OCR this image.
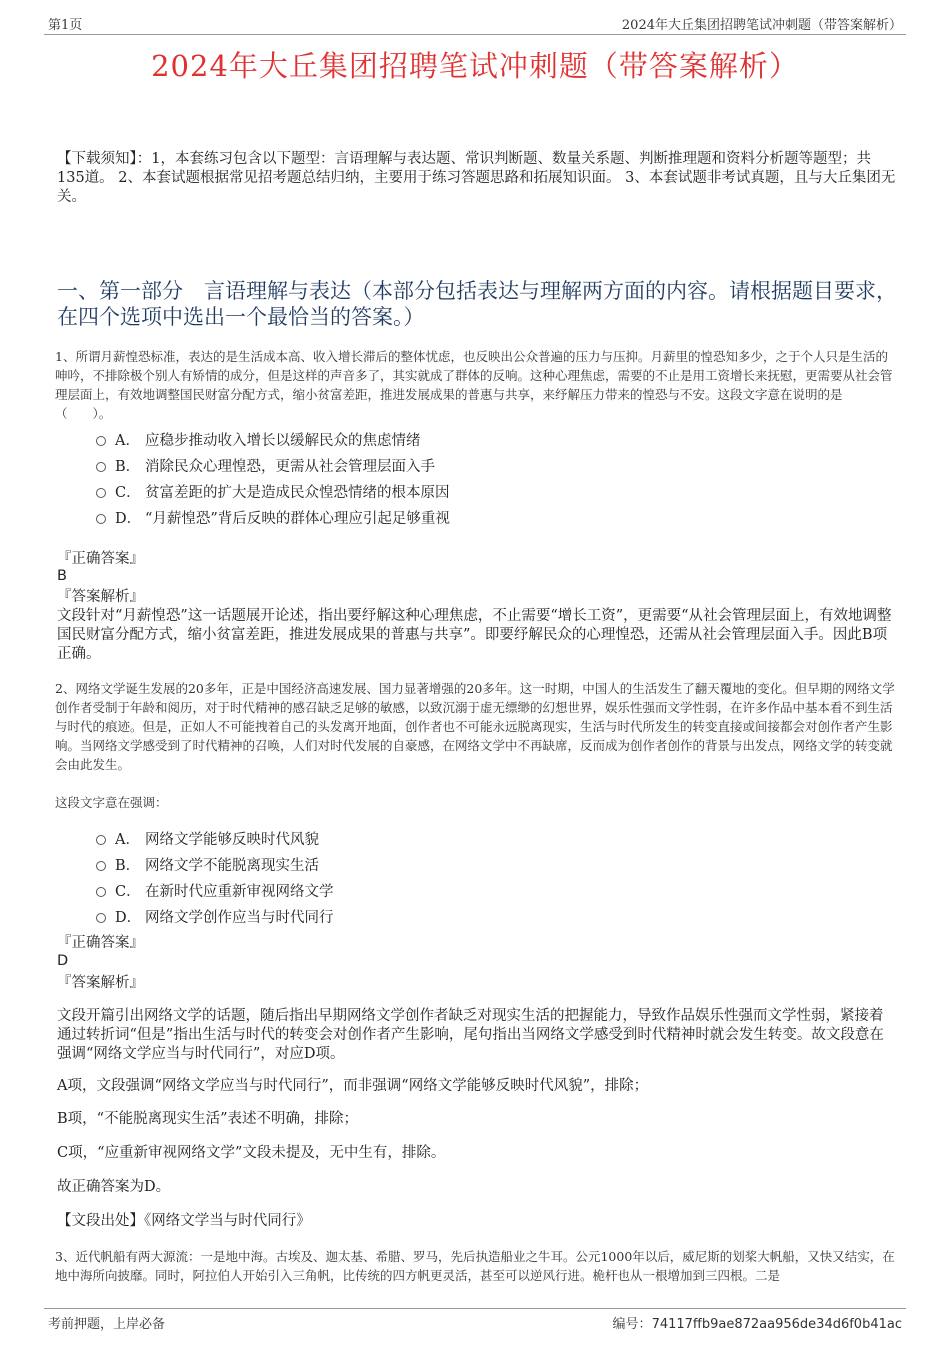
第1页	2024年大丘集团招聘笔试冲刺题（带答案解析）
2024年大丘集团招聘笔试冲刺题（带答案解析）
【下载须知】：1，本套练习包含以下题型：言语理解与表达题、常识判断题、数量关系题、判断推理题和资料分析题等题型；共135道。 2、本套试题根据常见招考题总结归纳，主要用于练习答题思路和拓展知识面。 3、本套试题非考试真题，且与大丘集团无关。
一、第一部分　言语理解与表达（本部分包括表达与理解两方面的内容。请根据题目要求，在四个选项中选出一个最恰当的答案。）
1、所谓月薪惶恐标准，表达的是生活成本高、收入增长滞后的整体忧虑，也反映出公众普遍的压力与压抑。月薪里的惶恐知多少，之于个人只是生活的呻吟，不排除极个别人有矫情的成分，但是这样的声音多了，其实就成了群体的反响。这种心理焦虑，需要的不止是用工资增长来抚慰，更需要从社会管理层面上，有效地调整国民财富分配方式，缩小贫富差距，推进发展成果的普惠与共享，来纾解压力带来的惶恐与不安。这段文字意在说明的是（　　）。
A． 应稳步推动收入增长以缓解民众的焦虑情绪
B． 消除民众心理惶恐，更需从社会管理层面入手
C． 贫富差距的扩大是造成民众惶恐情绪的根本原因
D． “月薪惶恐”背后反映的群体心理应引起足够重视
『正确答案』
B
『答案解析』
文段针对“月薪惶恐”这一话题展开论述，指出要纾解这种心理焦虑，不止需要“增长工资”，更需要“从社会管理层面上，有效地调整国民财富分配方式，缩小贫富差距，推进发展成果的普惠与共享”。即要纾解民众的心理惶恐，还需从社会管理层面入手。因此B项正确。
2、网络文学诞生发展的20多年，正是中国经济高速发展、国力显著增强的20多年。这一时期，中国人的生活发生了翻天覆地的变化。但早期的网络文学创作者受制于年龄和阅历，对于时代精神的感召缺乏足够的敏感，以致沉溺于虚无缥缈的幻想世界，娱乐性强而文学性弱，在许多作品中基本看不到生活与时代的痕迹。但是，正如人不可能拽着自己的头发离开地面，创作者也不可能永远脱离现实，生活与时代所发生的转变直接或间接都会对创作者产生影响。当网络文学感受到了时代精神的召唤，人们对时代发展的自豪感，在网络文学中不再缺席，反而成为创作者创作的背景与出发点，网络文学的转变就会由此发生。
这段文字意在强调：
A． 网络文学能够反映时代风貌
B． 网络文学不能脱离现实生活
C． 在新时代应重新审视网络文学
D． 网络文学创作应当与时代同行
『正确答案』
D
『答案解析』
文段开篇引出网络文学的话题，随后指出早期网络文学创作者缺乏对现实生活的把握能力，导致作品娱乐性强而文学性弱，紧接着通过转折词“但是”指出生活与时代的转变会对创作者产生影响，尾句指出当网络文学感受到时代精神时就会发生转变。故文段意在强调“网络文学应当与时代同行”，对应D项。
A项，文段强调“网络文学应当与时代同行”，而非强调“网络文学能够反映时代风貌”，排除；
B项，“不能脱离现实生活”表述不明确，排除；
C项，“应重新审视网络文学”文段未提及，无中生有，排除。
故正确答案为D。
【文段出处】《网络文学当与时代同行》
3、近代帆船有两大源流：一是地中海。古埃及、迦太基、希腊、罗马，先后执造船业之牛耳。公元1000年以后，威尼斯的划桨大帆船，又快又结实，在地中海所向披靡。同时，阿拉伯人开始引入三角帆，比传统的四方帆更灵活，甚至可以逆风行进。桅杆也从一根增加到三四根。二是
考前押题，上岸必备	编号：74117ffb9ae872aa956de34d6f0b41ac
